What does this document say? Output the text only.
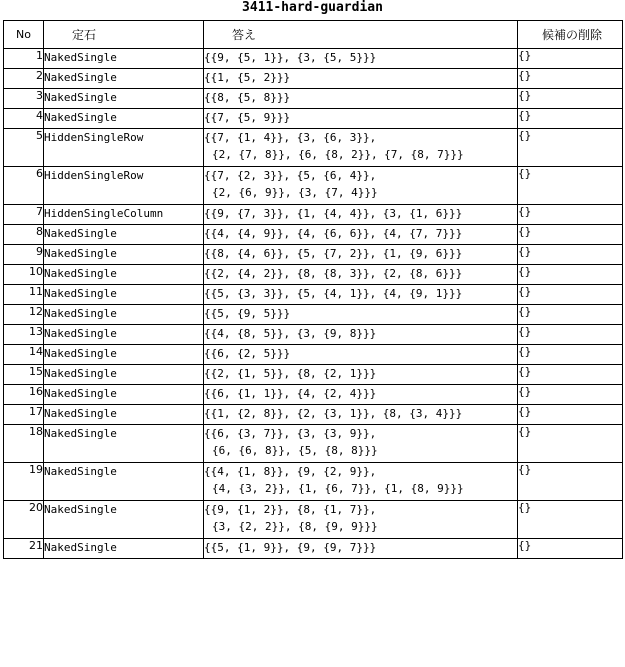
3411-hard-guardian
No	定石	答え	候補の削除
1	NakedSingle	{{9, {5, 1}}, {3, {5, 5}}}	{}
2	NakedSingle	{{1, {5, 2}}}	{}
3	NakedSingle	{{8, {5, 8}}}	{}
4	NakedSingle	{{7, {5, 9}}}	{}
5	HiddenSingleRow	{{7, {1, 4}}, {3, {6, 3}},
{2, {7, 8}}, {6, {8, 2}}, {7, {8, 7}}}	{}
6	HiddenSingleRow	{{7, {2, 3}}, {5, {6, 4}},
{2, {6, 9}}, {3, {7, 4}}}	{}
7	HiddenSingleColumn	{{9, {7, 3}}, {1, {4, 4}}, {3, {1, 6}}}	{}
8	NakedSingle	{{4, {4, 9}}, {4, {6, 6}}, {4, {7, 7}}}	{}
9	NakedSingle	{{8, {4, 6}}, {5, {7, 2}}, {1, {9, 6}}}	{}
10	NakedSingle	{{2, {4, 2}}, {8, {8, 3}}, {2, {8, 6}}}	{}
11	NakedSingle	{{5, {3, 3}}, {5, {4, 1}}, {4, {9, 1}}}	{}
12	NakedSingle	{{5, {9, 5}}}	{}
13	NakedSingle	{{4, {8, 5}}, {3, {9, 8}}}	{}
14	NakedSingle	{{6, {2, 5}}}	{}
15	NakedSingle	{{2, {1, 5}}, {8, {2, 1}}}	{}
16	NakedSingle	{{6, {1, 1}}, {4, {2, 4}}}	{}
17	NakedSingle	{{1, {2, 8}}, {2, {3, 1}}, {8, {3, 4}}}	{}
18	NakedSingle	{{6, {3, 7}}, {3, {3, 9}},
{6, {6, 8}}, {5, {8, 8}}}	{}
19	NakedSingle	{{4, {1, 8}}, {9, {2, 9}},
{4, {3, 2}}, {1, {6, 7}}, {1, {8, 9}}}	{}
20	NakedSingle	{{9, {1, 2}}, {8, {1, 7}},
{3, {2, 2}}, {8, {9, 9}}}	{}
21	NakedSingle	{{5, {1, 9}}, {9, {9, 7}}}	{}
